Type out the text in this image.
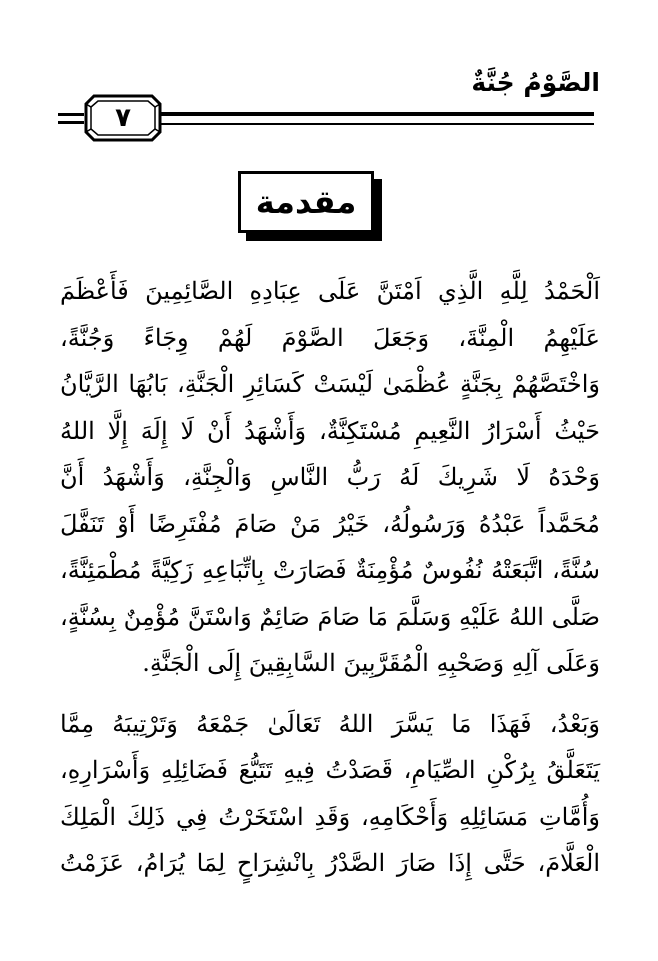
الصَّوْمُ جُنَّةٌ
٧
مقدمة
اَلْحَمْدُ لِلَّهِ الَّذِي اَمْتَنَّ عَلَى عِبَادِهِ الصَّائِمِينَ فَأَعْظَمَ
عَلَيْهِمُ الْمِنَّةَ، وَجَعَلَ الصَّوْمَ لَهُمْ وِجَاءً وَجُنَّةً،
وَاخْتَصَّهُمْ بِجَنَّةٍ عُظْمَىٰ لَيْسَتْ كَسَائِرِ الْجَنَّةِ، بَابُهَا الرَّيَّانُ
حَيْثُ أَسْرَارُ النَّعِيمِ مُسْتَكِنَّةٌ، وَأَشْهَدُ أَنْ لَا إِلَهَ إِلَّا اللهُ
وَحْدَهُ لَا شَرِيكَ لَهُ رَبُّ النَّاسِ وَالْجِنَّةِ، وَأَشْهَدُ أَنَّ
مُحَمَّداً عَبْدُهُ وَرَسُولُهُ، خَيْرُ مَنْ صَامَ مُفْتَرِضًا أَوْ تَنَفَّلَ
سُنَّةً، اتَّبَعَتْهُ نُفُوسٌ مُؤْمِنَةٌ فَصَارَتْ بِاتِّبَاعِهِ زَكِيَّةً مُطْمَئِنَّةً،
صَلَّى اللهُ عَلَيْهِ وَسَلَّمَ مَا صَامَ صَائِمٌ وَاسْتَنَّ مُؤْمِنٌ بِسُنَّةٍ،
وَعَلَى آلِهِ وَصَحْبِهِ الْمُقَرَّبِينَ السَّابِقِينَ إِلَى الْجَنَّةِ.
وَبَعْدُ، فَهَذَا مَا يَسَّرَ اللهُ تَعَالَىٰ جَمْعَهُ وَتَرْتِيبَهُ مِمَّا
يَتَعَلَّقُ بِرُكْنِ الصِّيَامِ، قَصَدْتُ فِيهِ تَتَبُّعَ فَضَائِلِهِ وَأَسْرَارِهِ،
وَأُمَّاتِ مَسَائِلِهِ وَأَحْكَامِهِ، وَقَدِ اسْتَخَرْتُ فِي ذَلِكَ الْمَلِكَ
الْعَلَّامَ، حَتَّى إِذَا صَارَ الصَّدْرُ بِانْشِرَاحٍ لِمَا يُرَامُ، عَزَمْتُ
